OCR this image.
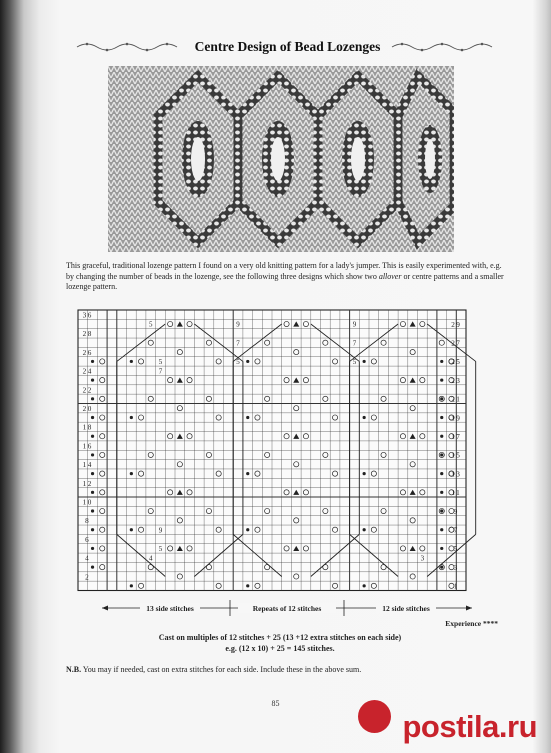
Centre Design of Bead Lozenges

This graceful, traditional lozenge pattern I found on a very old knitting pattern for a lady's jumper. This is easily experimented with, e.g. by changing the number of beads in the lozenge, see the following three designs which show two allover or centre patterns and a smaller lozenge pattern.

5	9
7
5
9
7
5
5
7
9
5
4	3
36
28
26
24
22
20
18
16
14
12
10
8
6
4
2
29
27
25
23
21
19
17
15
13
11
9
7
5
3
1
13 side stitches	Repeats of 12 stitches	12 side stitches
Experience ****
Cast on multiples of 12 stitches + 25 (13 +12 extra stitches on each side)
e.g. (12 x 10) + 25 = 145 stitches.

N.B. You may if needed, cast on extra stitches for each side. Include these in the above sum.

85
postila.ru
